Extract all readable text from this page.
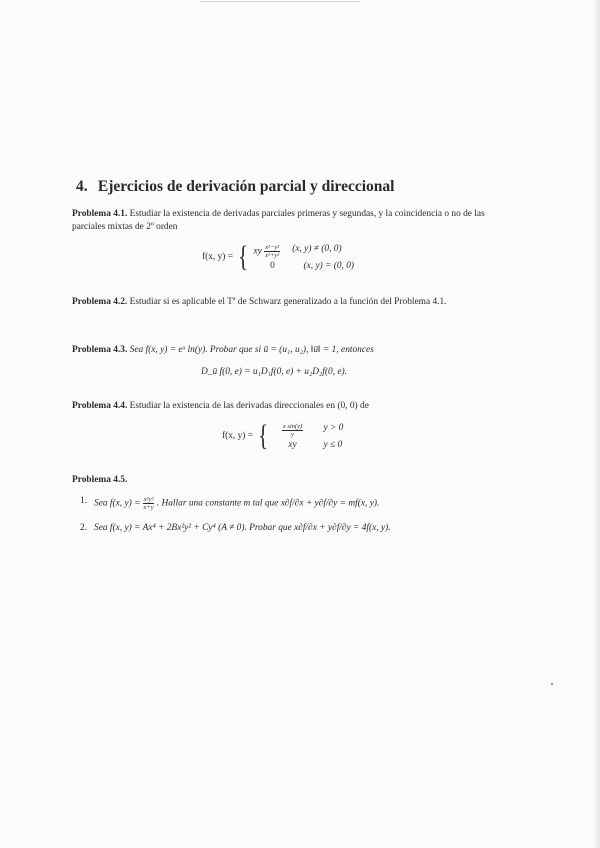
4. Ejercicios de derivación parcial y direccional
Problema 4.1. Estudiar la existencia de derivadas parciales primeras y segundas, y la coincidencia o no de las parciales mixtas de 2º orden
f(x, y) = { xy $\frac{\text{x²−y²}}{\text{x²+y²}} (x$, y) ≠ (0, 0)
0	(x, y) = (0, 0)
Problema 4.2. Estudiar si es aplicable el Tª de Schwarz generalizado a la función del Problema 4.1.
Problema 4.3. Sea f(x, y) = eˣ ln(y). Probar que si ū = (u₁, u₂), ‖ū‖ = 1, entonces
D_ū f(0, e) = u₁D₁f(0, e) + u₂D₂f(0, e).
Problema 4.4. Estudiar la existencia de las derivadas direccionales en (0, 0) de
f(x, y) = { $\frac{\text{x sin(y)}}{y}$ y > 0
xy	y ≤ 0
Problema 4.5.
1. Sea f(x, $y) = \frac{\text{x²y²}}{x+y}$ . Hallar una constante m tal que x∂f/∂x + y∂f/∂y = mf(x, y).
2. Sea f(x, y) = Ax⁴ + 2Bx²y² + Cy⁴ (A ≠ 0). Probar que x∂f/∂x + y∂f/∂y = 4f(x, y).
